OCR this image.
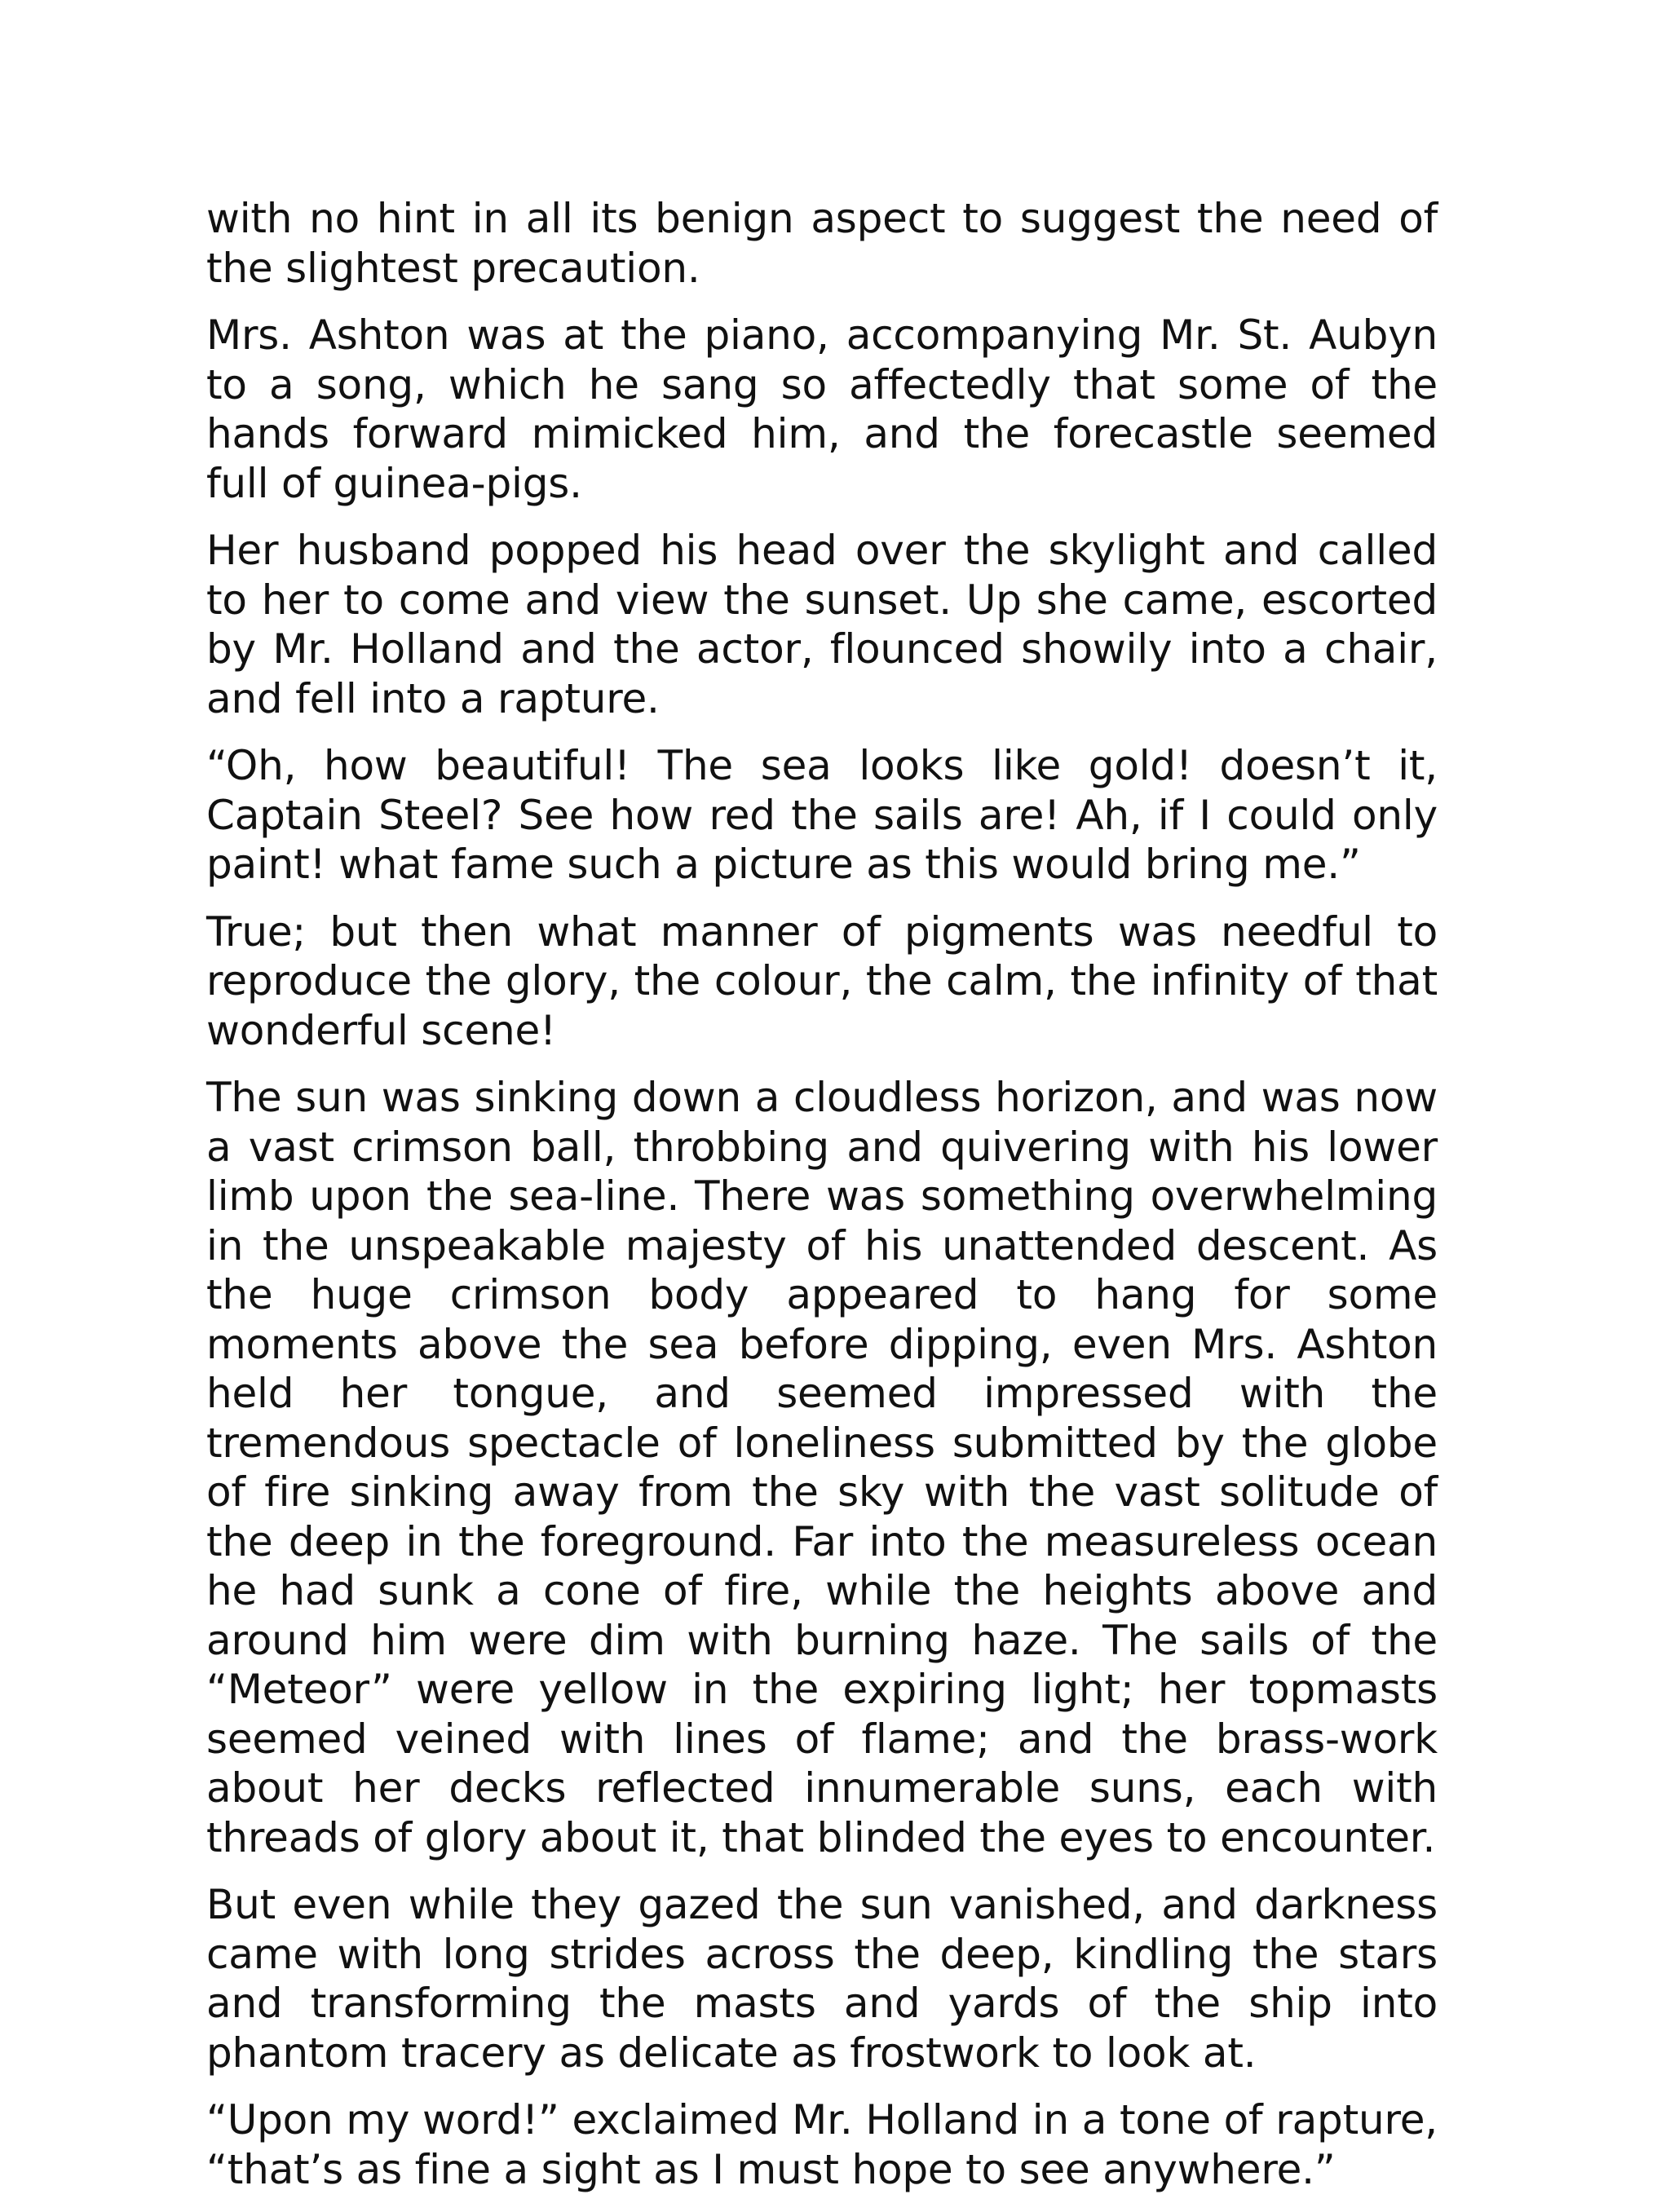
with no hint in all its benign aspect to suggest the need of the slightest precaution.

Mrs. Ashton was at the piano, accompanying Mr. St. Aubyn to a song, which he sang so affectedly that some of the hands forward mimicked him, and the forecastle seemed full of guinea-pigs.

Her husband popped his head over the skylight and called to her to come and view the sunset. Up she came, escorted by Mr. Holland and the actor, flounced showily into a chair, and fell into a rapture.

“Oh, how beautiful! The sea looks like gold! doesn’t it, Captain Steel? See how red the sails are! Ah, if I could only paint! what fame such a picture as this would bring me.”

True; but then what manner of pigments was needful to reproduce the glory, the colour, the calm, the infinity of that wonderful scene!

The sun was sinking down a cloudless horizon, and was now a vast crimson ball, throbbing and quivering with his lower limb upon the sea-line. There was something overwhelming in the unspeakable majesty of his unattended descent. As the huge crimson body appeared to hang for some moments above the sea before dipping, even Mrs. Ashton held her tongue, and seemed impressed with the tremendous spectacle of loneliness submitted by the globe of fire sinking away from the sky with the vast solitude of the deep in the foreground. Far into the measureless ocean he had sunk a cone of fire, while the heights above and around him were dim with burning haze. The sails of the “Meteor” were yellow in the expiring light; her topmasts seemed veined with lines of flame; and the brass-work about her decks reflected innumerable suns, each with threads of glory about it, that blinded the eyes to encounter.

But even while they gazed the sun vanished, and darkness came with long strides across the deep, kindling the stars and transforming the masts and yards of the ship into phantom tracery as delicate as frostwork to look at.

“Upon my word!” exclaimed Mr. Holland in a tone of rapture, “that’s as fine a sight as I must hope to see anywhere.”
